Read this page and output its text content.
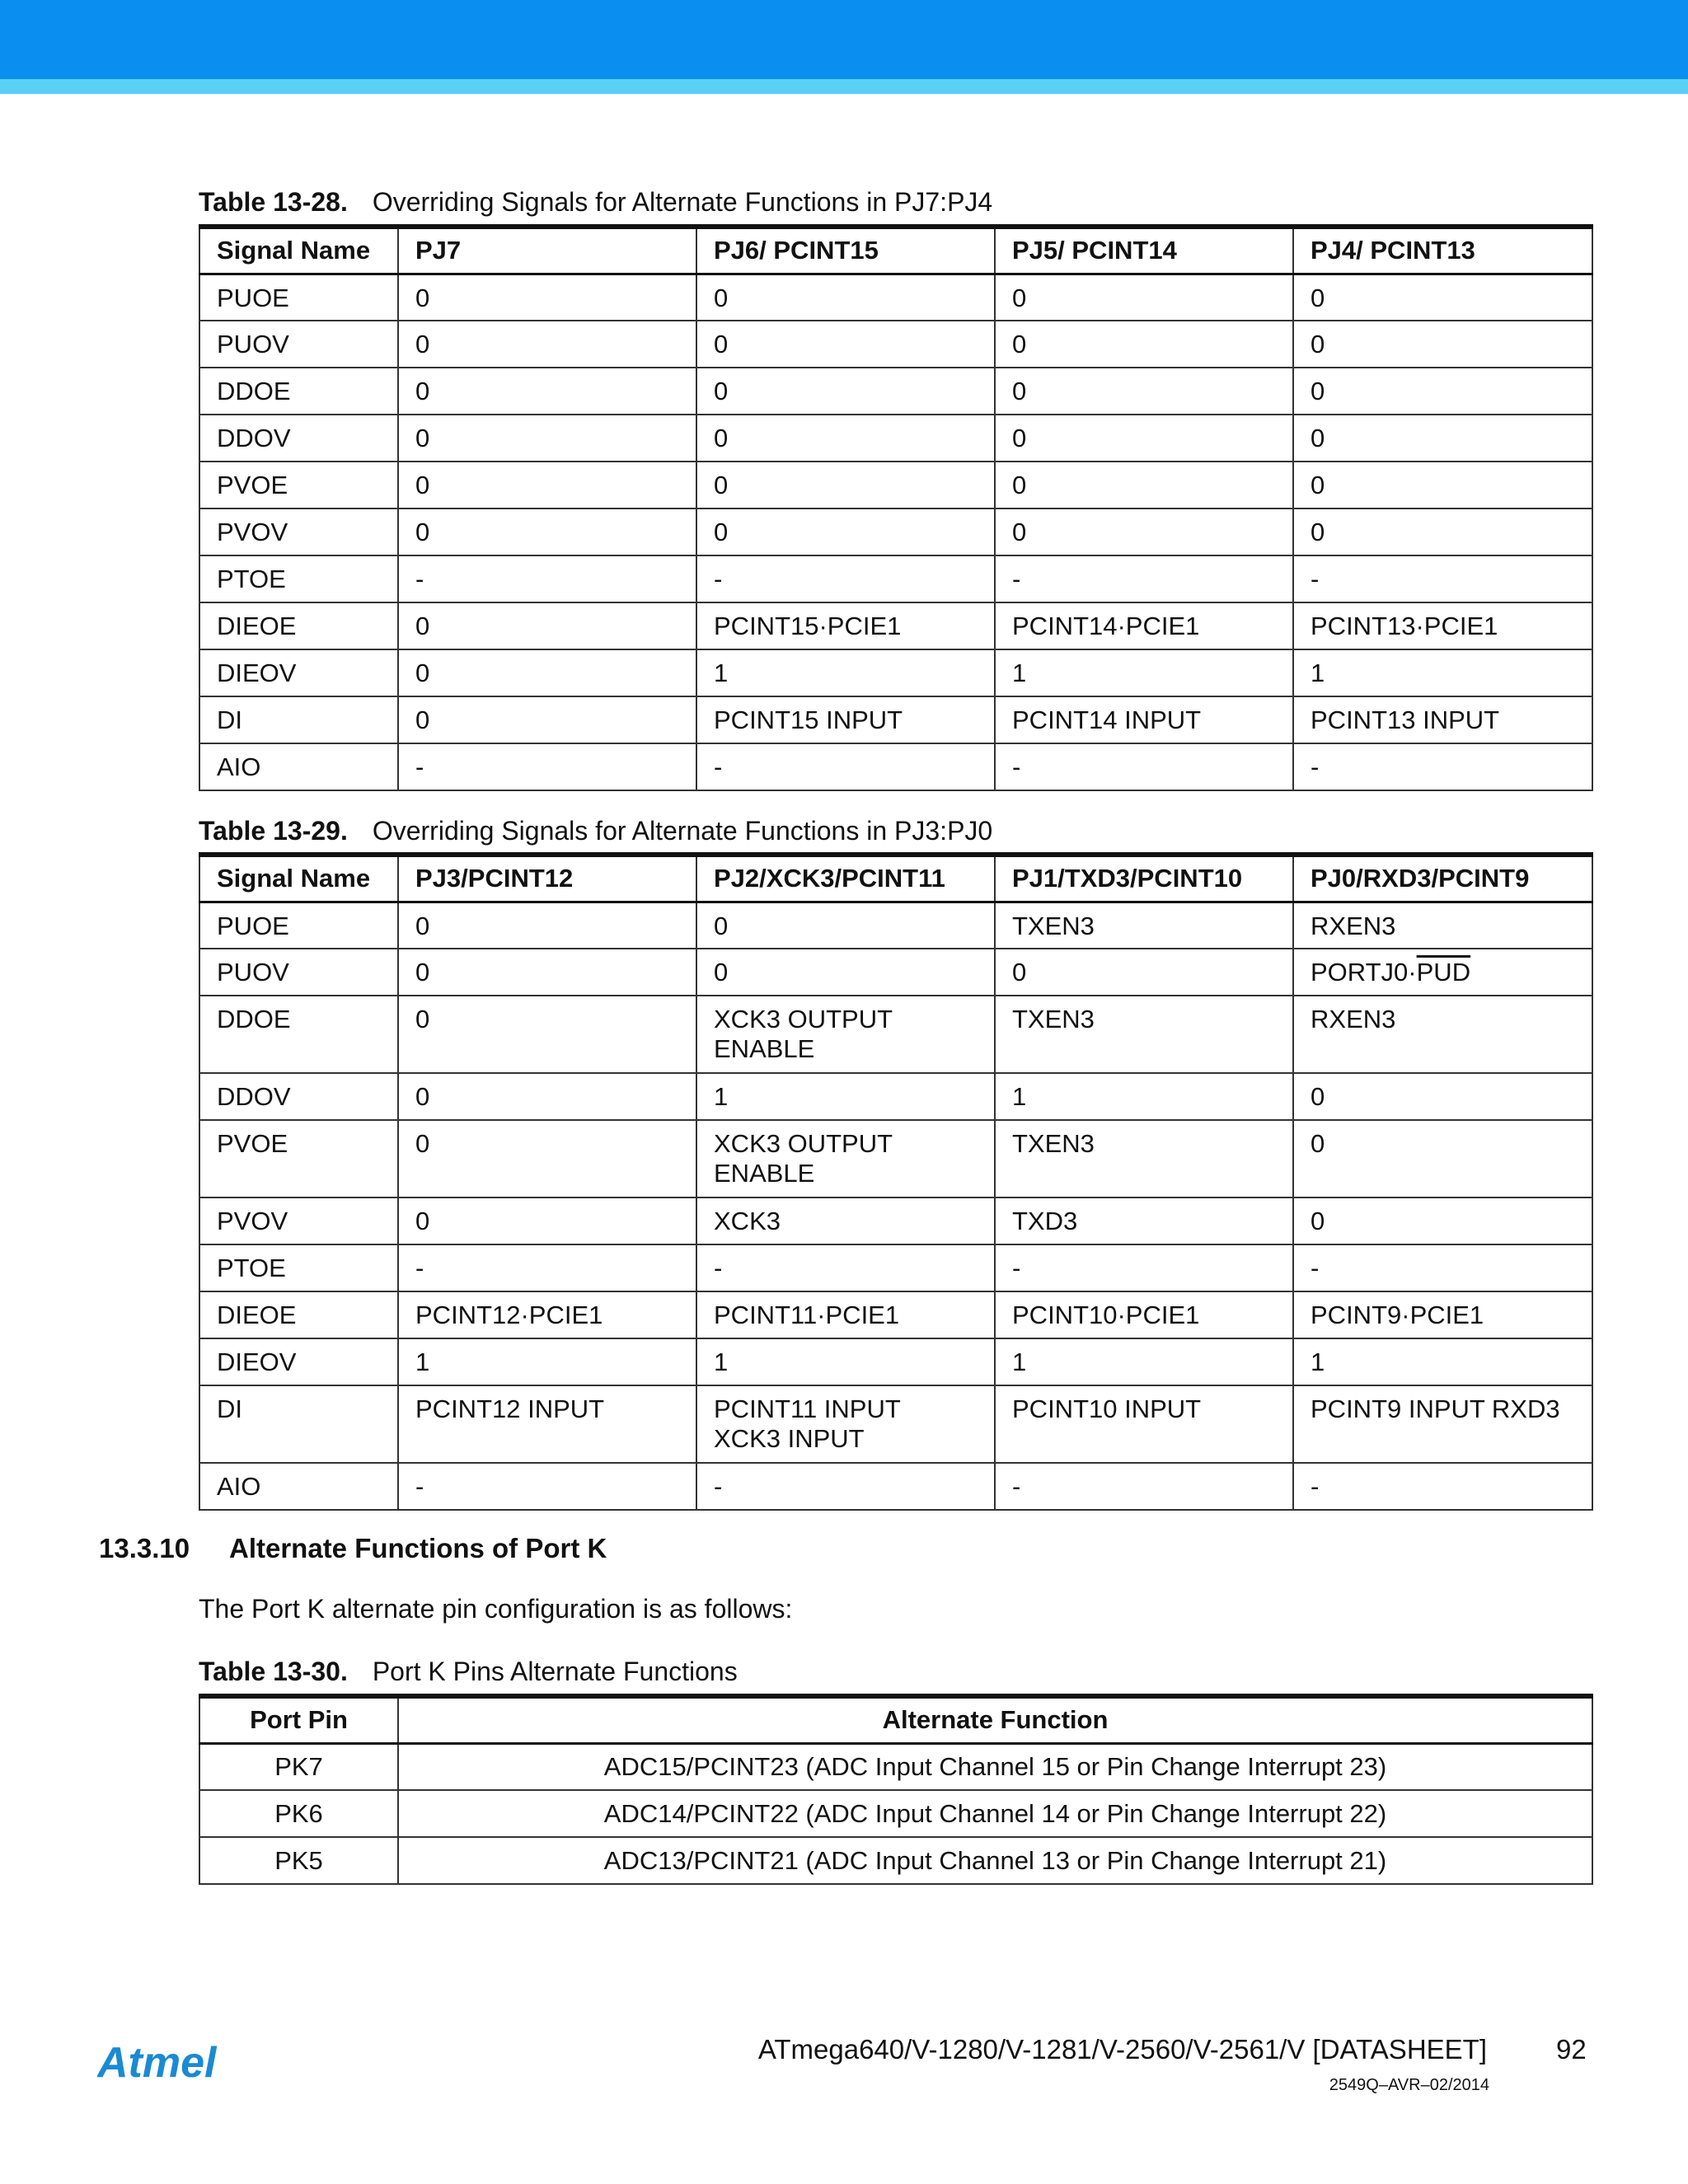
Table 13-28. Overriding Signals for Alternate Functions in PJ7:PJ4
Signal Name	PJ7	PJ6/ PCINT15	PJ5/ PCINT14	PJ4/ PCINT13
PUOE	0	0	0	0
PUOV	0	0	0	0
DDOE	0	0	0	0
DDOV	0	0	0	0
PVOE	0	0	0	0
PVOV	0	0	0	0
PTOE	-	-	-	-
DIEOE	0	PCINT15·PCIE1	PCINT14·PCIE1	PCINT13·PCIE1
DIEOV	0	1	1	1
DI	0	PCINT15 INPUT	PCINT14 INPUT	PCINT13 INPUT
AIO	-	-	-	-
Table 13-29. Overriding Signals for Alternate Functions in PJ3:PJ0
Signal Name	PJ3/PCINT12	PJ2/XCK3/PCINT11	PJ1/TXD3/PCINT10	PJ0/RXD3/PCINT9
PUOE	0	0	TXEN3	RXEN3
PUOV	0	0	0	$PORTJ0\cdot\overline{PUD}$
DDOE	0	XCK3 OUTPUT ENABLE	TXEN3	RXEN3
DDOV	0	1	1	0
PVOE	0	XCK3 OUTPUT ENABLE	TXEN3	0
PVOV	0	XCK3	TXD3	0
PTOE	-	-	-	-
DIEOE	PCINT12·PCIE1	PCINT11·PCIE1	PCINT10·PCIE1	PCINT9·PCIE1
DIEOV	1	1	1	1
DI	PCINT12 INPUT	PCINT11 INPUT XCK3 INPUT	PCINT10 INPUT	PCINT9 INPUT RXD3
AIO	-	-	-	-
13.3.10 Alternate Functions of Port K
The Port K alternate pin configuration is as follows:
Table 13-30. Port K Pins Alternate Functions
Port Pin	Alternate Function
PK7	ADC15/PCINT23 (ADC Input Channel 15 or Pin Change Interrupt 23)
PK6	ADC14/PCINT22 (ADC Input Channel 14 or Pin Change Interrupt 22)
PK5	ADC13/PCINT21 (ADC Input Channel 13 or Pin Change Interrupt 21)
Atmel	ATmega640/V-1280/V-1281/V-2560/V-2561/V [DATASHEET]	92
2549Q–AVR–02/2014
